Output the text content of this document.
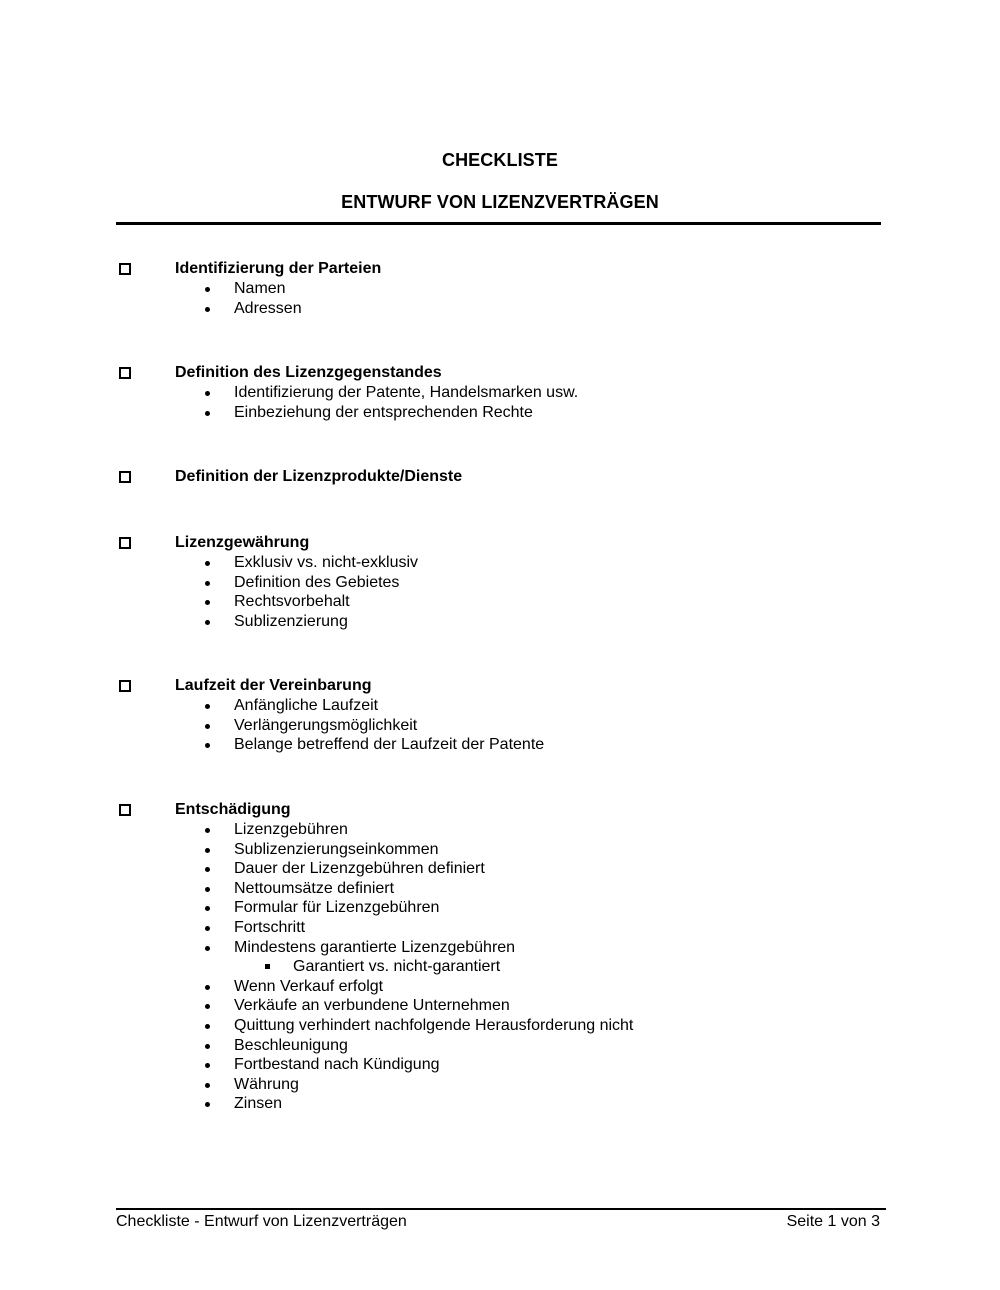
CHECKLISTE
ENTWURF VON LIZENZVERTRÄGEN
Identifizierung der Parteien
Namen
Adressen
Definition des Lizenzgegenstandes
Identifizierung der Patente, Handelsmarken usw.
Einbeziehung der entsprechenden Rechte
Definition der Lizenzprodukte/Dienste
Lizenzgewährung
Exklusiv vs. nicht-exklusiv
Definition des Gebietes
Rechtsvorbehalt
Sublizenzierung
Laufzeit der Vereinbarung
Anfängliche Laufzeit
Verlängerungsmöglichkeit
Belange betreffend der Laufzeit der Patente
Entschädigung
Lizenzgebühren
Sublizenzierungseinkommen
Dauer der Lizenzgebühren definiert
Nettoumsätze definiert
Formular für Lizenzgebühren
Fortschritt
Mindestens garantierte Lizenzgebühren
Garantiert vs. nicht-garantiert
Wenn Verkauf erfolgt
Verkäufe an verbundene Unternehmen
Quittung verhindert nachfolgende Herausforderung nicht
Beschleunigung
Fortbestand nach Kündigung
Währung
Zinsen
Checkliste - Entwurf von Lizenzverträgen	Seite 1 von 3
